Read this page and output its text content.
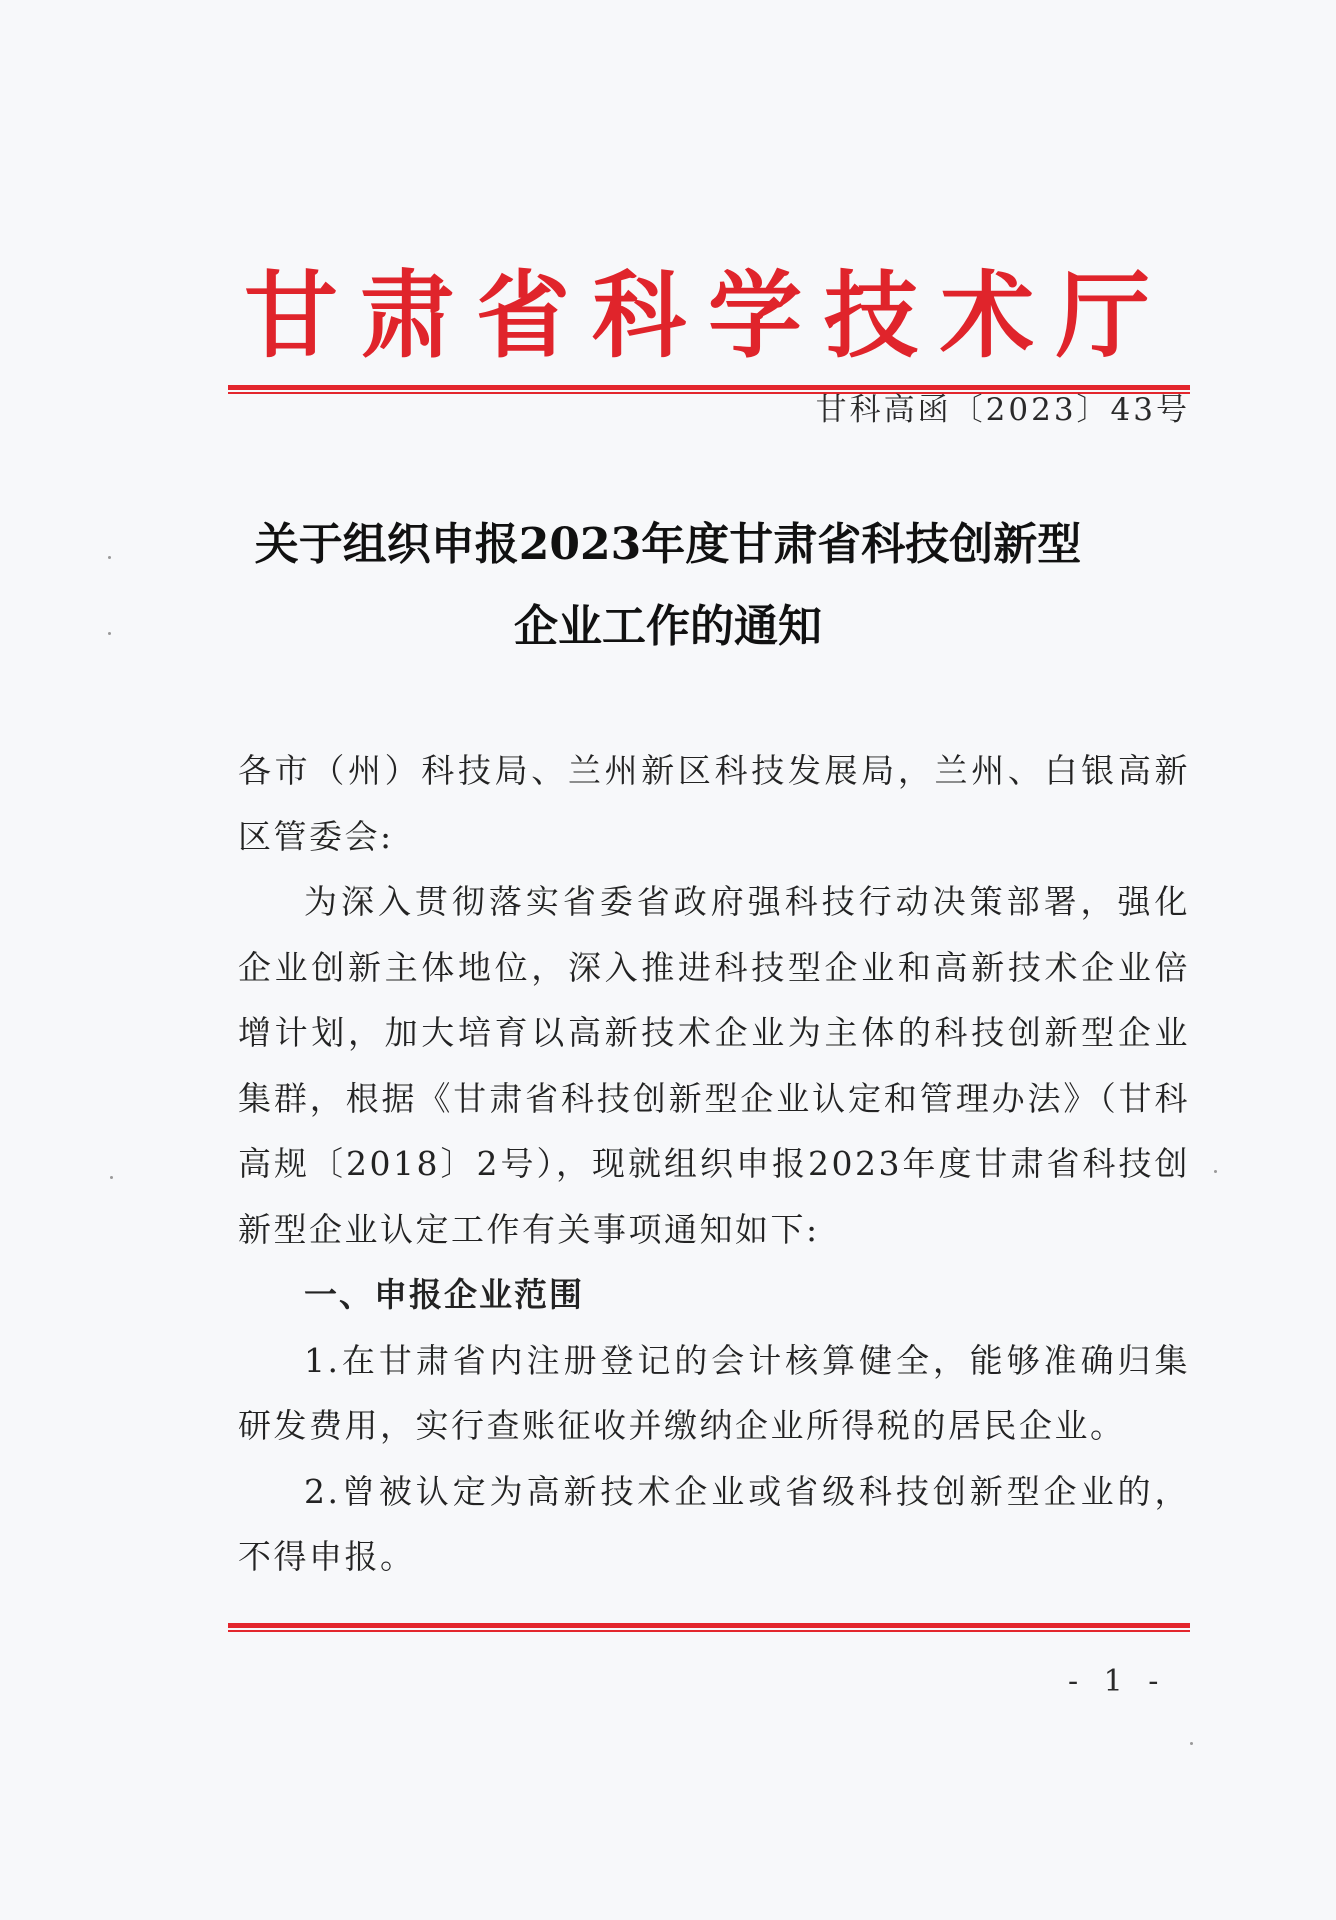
甘肃省科学技术厅
甘科高函〔2023〕43号
关于组织申报2023年度甘肃省科技创新型
企业工作的通知

各市（州）科技局、兰州新区科技发展局，兰州、白银高新区管委会:

为深入贯彻落实省委省政府强科技行动决策部署，强化企业创新主体地位，深入推进科技型企业和高新技术企业倍增计划，加大培育以高新技术企业为主体的科技创新型企业集群，根据《甘肃省科技创新型企业认定和管理办法》（甘科高规〔2018〕2号），现就组织申报2023年度甘肃省科技创新型企业认定工作有关事项通知如下:

一、申报企业范围

1.在甘肃省内注册登记的会计核算健全，能够准确归集研发费用，实行查账征收并缴纳企业所得税的居民企业。

2.曾被认定为高新技术企业或省级科技创新型企业的，不得申报。

- 1 -
